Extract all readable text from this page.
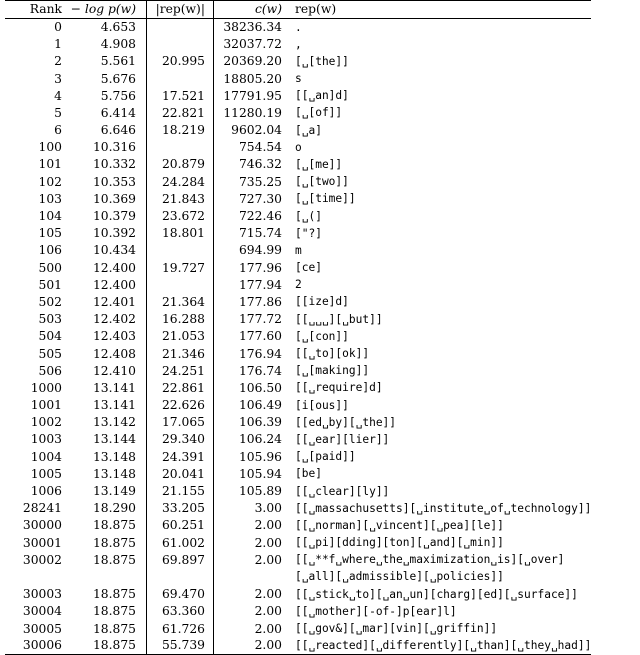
Rank	− log p(w)	|rep(w)|	c(w)	rep(w)
0	4.653		38236.34	.
1	4.908		32037.72	,
2	5.561	20.995	20369.20	[␣[the]]
3	5.676		18805.20	s
4	5.756	17.521	17791.95	[[␣an]d]
5	6.414	22.821	11280.19	[␣[of]]
6	6.646	18.219	9602.04	[␣a]
100	10.316		754.54	o
101	10.332	20.879	746.32	[␣[me]]
102	10.353	24.284	735.25	[␣[two]]
103	10.369	21.843	727.30	[␣[time]]
104	10.379	23.672	722.46	[␣(]
105	10.392	18.801	715.74	["?]
106	10.434		694.99	m
500	12.400	19.727	177.96	[ce]
501	12.400		177.94	2
502	12.401	21.364	177.86	[[ize]d]
503	12.402	16.288	177.72	[[␣␣␣][␣but]]
504	12.403	21.053	177.60	[␣[con]]
505	12.408	21.346	176.94	[[␣to][ok]]
506	12.410	24.251	176.74	[␣[making]]
1000	13.141	22.861	106.50	[[␣require]d]
1001	13.141	22.626	106.49	[i[ous]]
1002	13.142	17.065	106.39	[[ed␣by][␣the]]
1003	13.144	29.340	106.24	[[␣ear][lier]]
1004	13.148	24.391	105.96	[␣[paid]]
1005	13.148	20.041	105.94	[be]
1006	13.149	21.155	105.89	[[␣clear][ly]]
28241	18.290	33.205	3.00	[[␣massachusetts][␣institute␣of␣technology]]
30000	18.875	60.251	2.00	[[␣norman][␣vincent][␣pea][le]]
30001	18.875	61.002	2.00	[[␣pi][dding][ton][␣and][␣min]]
30002	18.875	69.897	2.00	[[␣**f␣where␣the␣maximization␣is][␣over]
				[␣all][␣admissible][␣policies]]
30003	18.875	69.470	2.00	[[␣stick␣to][␣an␣un][charg][ed][␣surface]]
30004	18.875	63.360	2.00	[[␣mother][-of-]p[ear]l]
30005	18.875	61.726	2.00	[[␣gov&][␣mar][vin][␣griffin]]
30006	18.875	55.739	2.00	[[␣reacted][␣differently][␣than][␣they␣had]]
